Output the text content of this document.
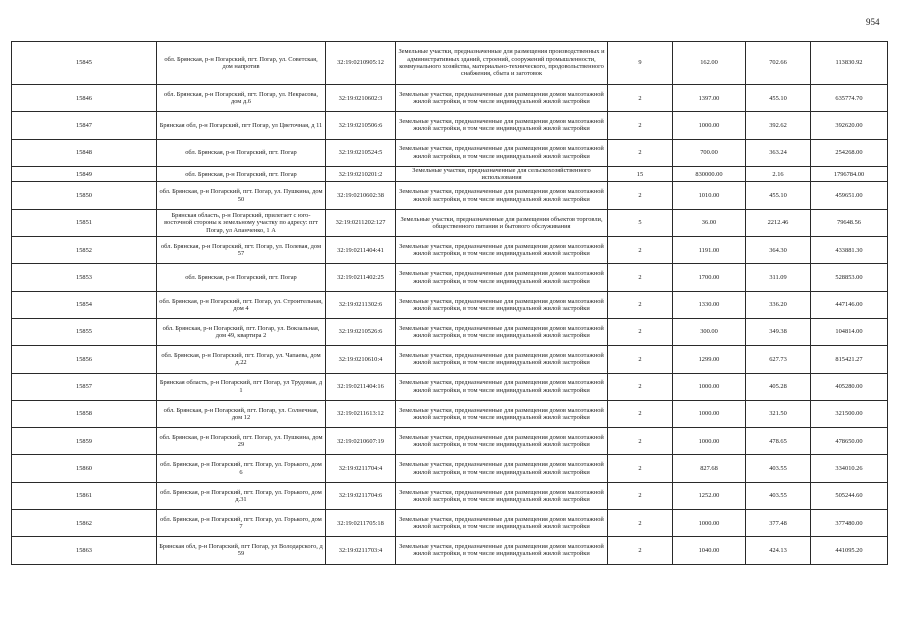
954
15845	обл. Брянская, р-н Погарский, пгт. Погар, ул. Советская, дом напротив	32:19:0210905:12	Земельные участки, предназначенные для размещения производственных и административных зданий, строений, сооружений промышленности, коммунального хозяйства, материально-технического, продовольственного снабжения, сбыта и заготовок	9	162.00	702.66	113830.92
15846	обл. Брянская, р-н Погарский, пгт. Погар, ул. Некрасова, дом д.6	32:19:0210602:3	Земельные участки, предназначенные для размещения домов малоэтажной жилой застройки, в том числе индивидуальной жилой застройки	2	1397.00	455.10	635774.70
15847	Брянская обл, р-н Погарский, пгт Погар, ул Цветочная, д 11	32:19:0210506:6	Земельные участки, предназначенные для размещения домов малоэтажной жилой застройки, в том числе индивидуальной жилой застройки	2	1000.00	392.62	392620.00
15848	обл. Брянская, р-н Погарский, пгт. Погар	32:19:0210524:5	Земельные участки, предназначенные для размещения домов малоэтажной жилой застройки, в том числе индивидуальной жилой застройки	2	700.00	363.24	254268.00
15849	обл. Брянская, р-н Погарский, пгт. Погар	32:19:0210201:2	Земельные участки, предназначенные для сельскохозяйственного использования	15	830000.00	2.16	1796784.00
15850	обл. Брянская, р-н Погарский, пгт. Погар, ул. Пушкина, дом 50	32:19:0210602:38	Земельные участки, предназначенные для размещения домов малоэтажной жилой застройки, в том числе индивидуальной жилой застройки	2	1010.00	455.10	459651.00
15851	Брянская область, р-н Погарский, прилегает с юго-восточной стороны к земельному участку по адресу: пгт Погар, ул Апанченко, 1 А	32:19:0211202:127	Земельные участки, предназначенные для размещения объектов торговли, общественного питания и бытового обслуживания	5	36.00	2212.46	79648.56
15852	обл. Брянская, р-н Погарский, пгт. Погар, ул. Полевая, дом 57	32:19:0211404:41	Земельные участки, предназначенные для размещения домов малоэтажной жилой застройки, в том числе индивидуальной жилой застройки	2	1191.00	364.30	433881.30
15853	обл. Брянская, р-н Погарский, пгт. Погар	32:19:0211402:25	Земельные участки, предназначенные для размещения домов малоэтажной жилой застройки, в том числе индивидуальной жилой застройки	2	1700.00	311.09	528853.00
15854	обл. Брянская, р-н Погарский, пгт. Погар, ул. Строительная, дом 4	32:19:0211302:6	Земельные участки, предназначенные для размещения домов малоэтажной жилой застройки, в том числе индивидуальной жилой застройки	2	1330.00	336.20	447146.00
15855	обл. Брянская, р-н Погарский, пгт. Погар, ул. Вокзальная, дом 49, квартира 2	32:19:0210526:6	Земельные участки, предназначенные для размещения домов малоэтажной жилой застройки, в том числе индивидуальной жилой застройки	2	300.00	349.38	104814.00
15856	обл. Брянская, р-н Погарский, пгт. Погар, ул. Чапаева, дом д.22	32:19:0210610:4	Земельные участки, предназначенные для размещения домов малоэтажной жилой застройки, в том числе индивидуальной жилой застройки	2	1299.00	627.73	815421.27
15857	Брянская область, р-н Погарский, пгт Погар, ул Трудовая, д 1	32:19:0211404:16	Земельные участки, предназначенные для размещения домов малоэтажной жилой застройки, в том числе индивидуальной жилой застройки	2	1000.00	405.28	405280.00
15858	обл. Брянская, р-н Погарский, пгт. Погар, ул. Солнечная, дом 12	32:19:0211613:12	Земельные участки, предназначенные для размещения домов малоэтажной жилой застройки, в том числе индивидуальной жилой застройки	2	1000.00	321.50	321500.00
15859	обл. Брянская, р-н Погарский, пгт. Погар, ул. Пушкина, дом 29	32:19:0210607:19	Земельные участки, предназначенные для размещения домов малоэтажной жилой застройки, в том числе индивидуальной жилой застройки	2	1000.00	478.65	478650.00
15860	обл. Брянская, р-н Погарский, пгт. Погар, ул. Горького, дом 6	32:19:0211704:4	Земельные участки, предназначенные для размещения домов малоэтажной жилой застройки, в том числе индивидуальной жилой застройки	2	827.68	403.55	334010.26
15861	обл. Брянская, р-н Погарский, пгт. Погар, ул. Горького, дом д.31	32:19:0211704:6	Земельные участки, предназначенные для размещения домов малоэтажной жилой застройки, в том числе индивидуальной жилой застройки	2	1252.00	403.55	505244.60
15862	обл. Брянская, р-н Погарский, пгт. Погар, ул. Горького, дом 7	32:19:0211705:18	Земельные участки, предназначенные для размещения домов малоэтажной жилой застройки, в том числе индивидуальной жилой застройки	2	1000.00	377.48	377480.00
15863	Брянская обл, р-н Погарский, пгт Погар, ул Володарского, д 59	32:19:0211703:4	Земельные участки, предназначенные для размещения домов малоэтажной жилой застройки, в том числе индивидуальной жилой застройки	2	1040.00	424.13	441095.20
